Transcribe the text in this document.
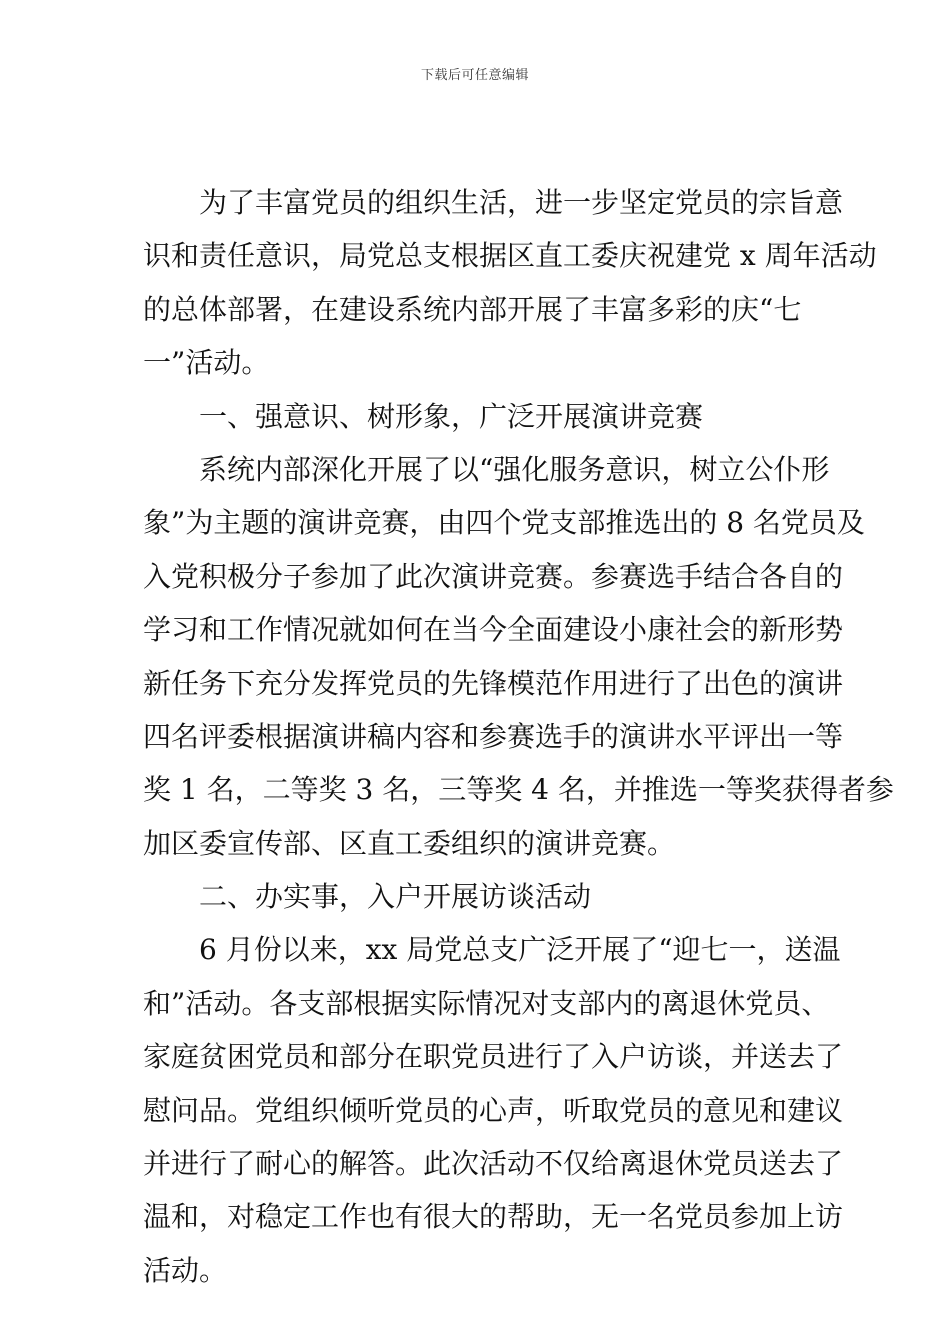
下载后可任意编辑
为了丰富党员的组织生活，进一步坚定党员的宗旨意
识和责任意识，局党总支根据区直工委庆祝建党 x 周年活动
的总体部署，在建设系统内部开展了丰富多彩的庆“七
一”活动。
一、强意识、树形象，广泛开展演讲竞赛
系统内部深化开展了以“强化服务意识，树立公仆形
象”为主题的演讲竞赛，由四个党支部推选出的 8 名党员及
入党积极分子参加了此次演讲竞赛。参赛选手结合各自的
学习和工作情况就如何在当今全面建设小康社会的新形势
新任务下充分发挥党员的先锋模范作用进行了出色的演讲
四名评委根据演讲稿内容和参赛选手的演讲水平评出一等
奖 1 名，二等奖 3 名，三等奖 4 名，并推选一等奖获得者参
加区委宣传部、区直工委组织的演讲竞赛。
二、办实事，入户开展访谈活动
6 月份以来，xx 局党总支广泛开展了“迎七一，送温
和”活动。各支部根据实际情况对支部内的离退休党员、
家庭贫困党员和部分在职党员进行了入户访谈，并送去了
慰问品。党组织倾听党员的心声，听取党员的意见和建议
并进行了耐心的解答。此次活动不仅给离退休党员送去了
温和，对稳定工作也有很大的帮助，无一名党员参加上访
活动。
